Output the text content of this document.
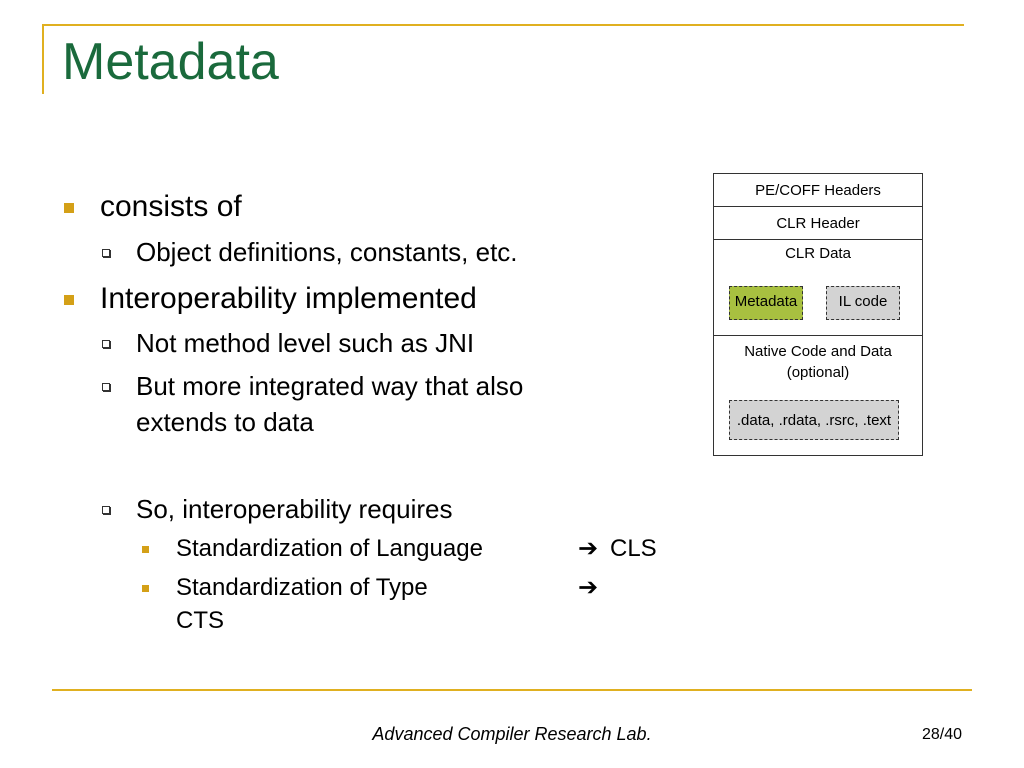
Metadata
consists of
Object definitions, constants, etc.
Interoperability implemented
Not method level such as JNI
But more integrated way that also
extends to data
So, interoperability requires
Standardization of Language	➔ CLS
Standardization of Type	➔
CTS
PE/COFF Headers
CLR Header
CLR Data
Metadata	IL code
Native Code and Data
(optional)
.data, .rdata, .rsrc, .text
Advanced Compiler Research Lab.	28/40
